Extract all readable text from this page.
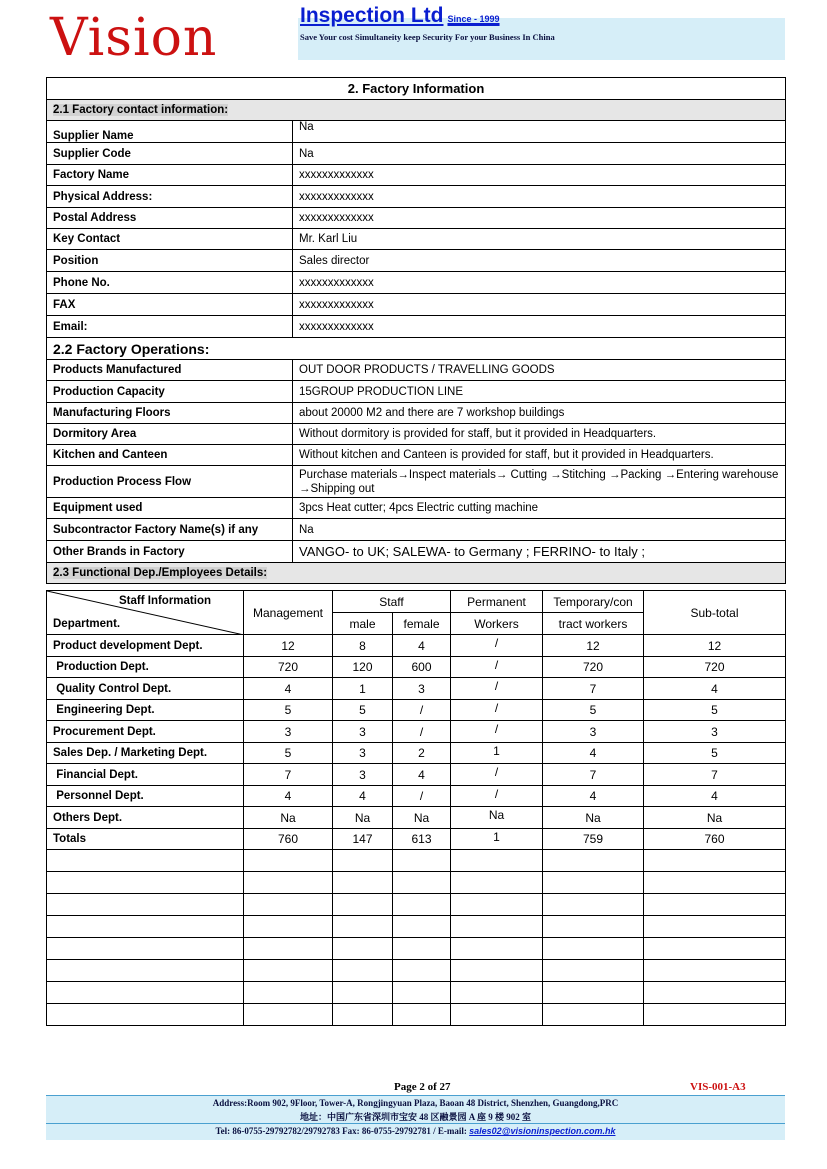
Vision	Inspection Ltd Since - 1999
Save Your cost Simultaneity keep Security For your Business In China
2. Factory Information	
2.1 Factory contact information:	
Supplier Name	Na
Supplier Code	Na
Factory Name	xxxxxxxxxxxxx
Physical Address:	xxxxxxxxxxxxx
Postal Address	xxxxxxxxxxxxx
Key Contact	Mr. Karl Liu
Position	Sales director
Phone No.	xxxxxxxxxxxxx
FAX	xxxxxxxxxxxxx
Email:	xxxxxxxxxxxxx
2.2 Factory Operations:	
Products Manufactured	OUT DOOR PRODUCTS / TRAVELLING GOODS
Production Capacity	15GROUP PRODUCTION LINE
Manufacturing Floors	about 20000 M2 and there are 7 workshop buildings
Dormitory Area	Without dormitory is provided for staff, but it provided in Headquarters.
Kitchen and Canteen	Without kitchen and Canteen is provided for staff, but it provided in Headquarters.
Production Process Flow	Purchase materials→Inspect materials→ Cutting →Stitching →Packing →Entering warehouse →Shipping out
Equipment used	3pcs Heat cutter; 4pcs Electric cutting machine
Subcontractor Factory Name(s) if any	Na
Other Brands in Factory	VANGO- to UK; SALEWA- to Germany ; FERRINO- to Italy ;
2.3 Functional Dep./Employees Details:	
Staff Information
Department.	Management	Staff		Permanent	Temporary/con	Sub-total
		male	female	Workers	tract workers	
Product development Dept.	12	8	4	/	12	12
Production Dept.	720	120	600	/	720	720
Quality Control Dept.	4	1	3	/	7	4
Engineering Dept.	5	5	/	/	5	5
Procurement Dept.	3	3	/	/	3	3
Sales Dep. / Marketing Dept.	5	3	2	1	4	5
Financial Dept.	7	3	4	/	7	7
Personnel Dept.	4	4	/	/	4	4
Others Dept.	Na	Na	Na	Na	Na	Na
Totals	760	147	613	1	759	760

Page 2 of 27	VIS-001-A3
Address:Room 902, 9Floor, Tower-A, Rongjingyuan Plaza, Baoan 48 District, Shenzhen, Guangdong,PRC
地址：中国广东省深圳市宝安 48 区融景园 A 座 9 楼 902 室
Tel: 86-0755-29792782/29792783 Fax: 86-0755-29792781 / E-mail: sales02@visioninspection.com.hk
